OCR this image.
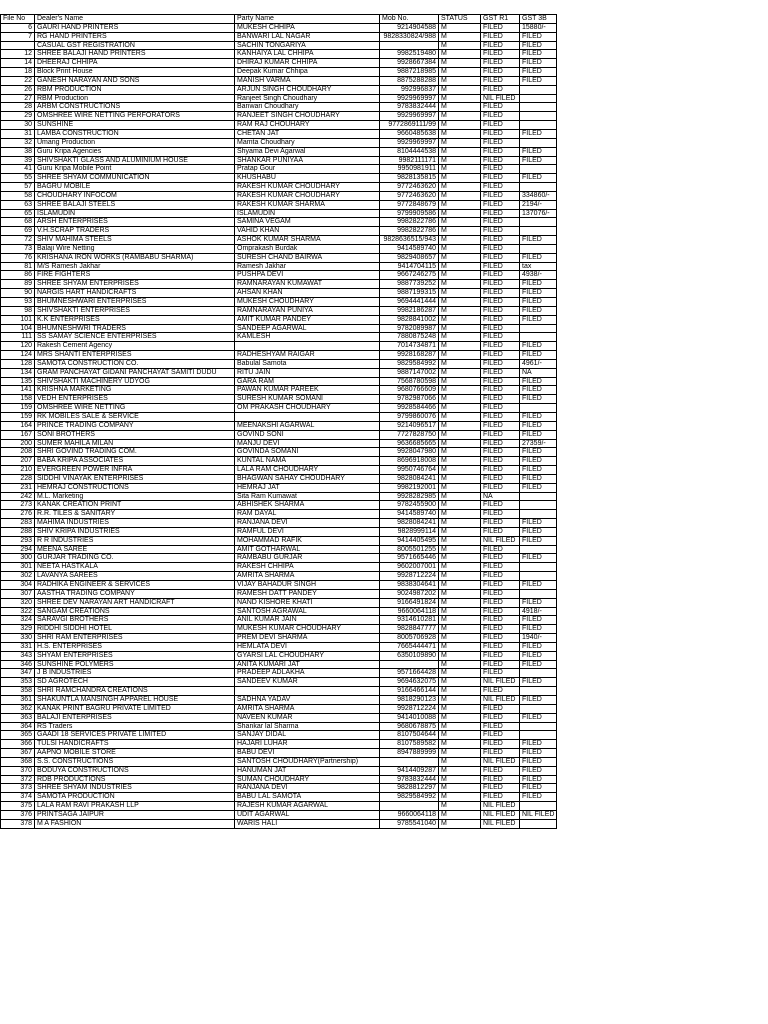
File No	Dealer's Name	Party Name	Mob No.	STATUS	GST R1	GST 3B
6	GAURI HAND PRINTERS	MUKESH CHHIPA	9214904588	M	FILED	15880/-
7	RG HAND PRINTERS	BANWARI LAL NAGAR	9828330824/988	M	FILED	FILED
	CASUAL GST REGISTRATION	SACHIN TONGARIYA		M	FILED	FILED
12	SHREE BALAJI HAND PRINTERS	KANHAIYA LAL CHHIPA	9982519480	M	FILED	FILED
14	DHEERAJ CHHIPA	DHIRAJ KUMAR CHHIPA	9928667384	M	FILED	FILED
18	Block Print House	Deepak Kumar Chhipa	9887218985	M	FILED	FILED
22	GANESH NARAYAN AND SONS	MANISH VARMA	8875288288	M	FILED	FILED
26	RBM PRODUCTION	ARJUN SINGH CHOUDHARY	992996837	M	FILED	
27	RBM Production	Ranjeet Singh Choudhary	9929969997	M	NIL FILED	
28	ARBM CONSTRUCTIONS	Banwari Choudhary	9783832444	M	FILED	
29	OMSHREE WIRE NETTING PERFORATORS	RANJEET SINGH CHOUDHARY	9929969997	M	FILED	
30	SUNSHINE	RAM RAJ CHOUHARY	9772869111/99	M	FILED	
31	LAMBA CONSTRUCTION	CHETAN JAT	9660485638	M	FILED	FILED
32	Umang Production	Mamta Choudhary	9929969997	M	FILED	
38	Guru Kripa Agencies	Shyama Devi Agarwal	8104444538	M	FILED	FILED
39	SHIVSHAKTI GLASS AND ALUMINIUM HOUSE	SHANKAR PUNIYAA	9982111171	M	FILED	FILED
41	Guru Kripa Mobile Point	Pratap Gour	9950981911	M	FILED	
55	SHREE SHYAM COMMUNICATION	KHUSHABU	9828135815	M	FILED	FILED
57	BAGRU MOBILE	RAKESH KUMAR CHOUDHARY	9772463620	M	FILED	
58	CHOUDHARY INFOCOM	RAKESH KUMAR CHOUDHARY	9772463620	M	FILED	334860/-
63	SHREE BALAJI STEELS	RAKESH KUMAR SHARMA	9772848679	M	FILED	2194/-
65	ISLAMUDIN	ISLAMUDIN	9799909586	M	FILED	137076/-
68	ARSH ENTERPRISES	SAMINA VEGAM	9982822786	M	FILED	
69	V.H.SCRAP TRADERS	VAHID KHAN	9982822786	M	FILED	
72	SHIV MAHIMA STEELS	ASHOK KUMAR SHARMA	9828636515/943	M	FILED	FILED
73	Balaji Wire Netting	Omprakash Burdak	9414589740	M	FILED	
76	KRISHANA IRON WORKS (RAMBABU SHARMA)	SURESH CHAND BAIRWA	9829408657	M	FILED	FILED
81	M/S Ramesh Jakhar	Ramesh Jakhar	9414704115	M	FILED	tax
86	FIRE FIGHTERS	PUSHPA DEVI	9667246275	M	FILED	4938/-
89	SHREE SHYAM ENTERPRISES	RAMNARAYAN KUMAWAT	9887739252	M	FILED	FILED
90	NARGIS HART HANDICRAFTS	AHSAN KHAN	9887199315	M	FILED	FILED
93	BHUMNESHWARI ENTERPRISES	MUKESH CHOUDHARY	9694441444	M	FILED	FILED
98	SHIVSHAKTI ENTERPRISES	RAMNARAYAN PUNIYA	9982186287	M	FILED	FILED
101	K.K ENTERPRISES	AMIT KUMAR PANDEY	9828841002	M	FILED	FILED
104	BHUMNESHWRI TRADERS	SANDEEP AGARWAL	9782089987	M	FILED	
111	SS SAMAY SCIENCE ENTERPRISES	KAMLESH	7880875248	M	FILED	
120	Rakesh Cement Agency		7014734871	M	FILED	FILED
124	MRS SHANTI ENTERPRISES	RADHESHYAM RAIGAR	9928168287	M	FILED	FILED
128	SAMOTA CONSTRUCTION CO.	Babulal Samota	9829584992	M	FILED	4961/-
134	GRAM PANCHAYAT GIDANI PANCHAYAT SAMITI DUDU	RITU JAIN	9887147002	M	FILED	NA
135	SHIVSHAKTI MACHINERY UDYOG	GARA RAM	7568780598	M	FILED	FILED
141	KRISHNA MARKETING	PAWAN KUMAR PAREEK	9680766609	M	FILED	FILED
158	VEDH ENTERPRISES	SURESH KUMAR SOMANI	9782987066	M	FILED	FILED
159	OMSHREE WIRE NETTING	OM PRAKASH CHOUDHARY	9928584466	M	FILED	
159	RK MOBILES SALE & SERVICE		9799860076	M	FILED	FILED
164	PRINCE TRADING COMPANY	MEENAKSHI AGARWAL	9214096517	M	FILED	FILED
167	SONI BROTHERS	GOVIND SONI	7727828750	M	FILED	FILED
200	SUMER MAHILA MILAN	MANJU DEVI	9636685665	M	FILED	27359/-
208	SHRI GOVIND TRADING COM.	GOVINDA SOMANI	9928047980	M	FILED	FILED
207	BABA KRIPA ASSOCIATES	KUNTAL NAMA	8696918008	M	FILED	FILED
210	EVERGREEN POWER INFRA	LALA RAM CHOUDHARY	9950746764	M	FILED	FILED
228	SIDDHI VINAYAK ENTERPRISES	BHAGWAN SAHAY CHOUDHARY	9828084241	M	FILED	FILED
231	HEMRAJ CONSTRUCTIONS	HEMRAJ JAT	9982192001	M	FILED	FILED
242	M.L. Marketing	Sita Ram Kumawat	9928282985	M	NA	
273	KANAK CREATION PRINT	ABHISHEK SHARMA	9782455900	M	FILED	
276	R.R. TILES & SANITARY	RAM DAYAL	9414589740	M	FILED	
283	MAHIMA INDUSTRIES	RANJANA DEVI	9828084241	M	FILED	FILED
288	SHIV KRIPA INDUSTRIES	RAMFUL DEVI	9828999114	M	FILED	FILED
293	R R INDUSTRIES	MOHAMMAD RAFIK	9414405495	M	NIL FILED	FILED
294	MEENA SAREE	AMIT GOTHARWAL	8005501255	M	FILED	
300	GURJAR TRADING CO.	RAMBABU GURJAR	9571665446	M	FILED	FILED
301	NEETA HASTKALA	RAKESH CHHIPA	9602007001	M	FILED	
302	LAVANYA SAREES	AMRITA SHARMA	9928712224	M	FILED	
304	RADHIKA ENGINEER & SERVICES	VIJAY BAHADUR SINGH	9838304641	M	FILED	FILED
307	AASTHA TRADING COMPANY	RAMESH DATT PANDEY	9024987202	M	FILED	
320	SHREE DEV NARAYAN ART HANDICRAFT	NAND KISHORE KHATI	9166491824	M	FILED	FILED
322	SANGAM CREATIONS	SANTOSH AGRAWAL	9660064118	M	FILED	4918/-
324	SARAVGI BROTHERS	ANIL KUMAR JAIN	9314610281	M	FILED	FILED
329	RIDDHI SIDDHI HOTEL	MUKESH KUMAR CHOUDHARY	9828847777	M	FILED	FILED
330	SHRI RAM ENTERPRISES	PREM DEVI SHARMA	8005706928	M	FILED	1940/-
331	H.S. ENTERPRISES	HEMLATA DEVI	7665444471	M	FILED	FILED
343	SHYAM ENTERPRISES	GYARSI LAL CHOUDHARY	6350109890	M	FILED	FILED
346	SUNSHINE POLYMERS	ANITA KUMARI JAT		M	FILED	FILED
347	J B INDUSTRIES	PRADEEP ADLAKHA	9571664428	M	FILED	
353	SD AGROTECH	SANDEEV KUMAR	9694632075	M	NIL FILED	FILED
358	SHRI RAMCHANDRA CREATIONS		9166466144	M	FILED	
361	SHAKUNTLA MANSINGH APPAREL HOUSE	SADHNA YADAV	9818290123	M	NIL FILED	FILED
362	KANAK PRINT BAGRU PRIVATE LIMITED	AMRITA SHARMA	9928712224	M	FILED	
363	BALAJI ENTERPRISES	NAVEEN KUMAR	9414010088	M	FILED	FILED
364	RS Traders	Shankar lal Sharma	9680678875	M	FILED	
365	GAADI 18 SERVICES PRIVATE LIMITED	SANJAY DIDAL	8107504644	M	FILED	
366	TULSI HANDICRAFTS	HAJARI LUHAR	8107589582	M	FILED	FILED
367	AAPNO MOBILE STORE	BABU DEVI	8947889999	M	FILED	FILED
368	S.S. CONSTRUCTIONS	SANTOSH CHOUDHARY(Partnership)		M	NIL FILED	FILED
370	BODUYA CONSTRUCTIONS	HANUMAN JAT	9414409287	M	FILED	FILED
372	RDB PRODUCTIONS	SUMAN CHOUDHARY	9783832444	M	FILED	FILED
373	SHREE SHYAM INDUSTRIES	RANJANA DEVI	9828812297	M	FILED	FILED
374	SAMOTA PRODUCTION	BABU LAL SAMOTA	9829584992	M	FILED	FILED
375	LALA RAM RAVI PRAKASH LLP	RAJESH KUMAR AGARWAL		M	NIL FILED	
376	PRINTSAGA JAIPUR	UDIT AGARWAL	9660064118	M	NIL FILED	NIL FILED
378	M A FASHION	WARIS HALI	9785541040	M	NIL FILED	
